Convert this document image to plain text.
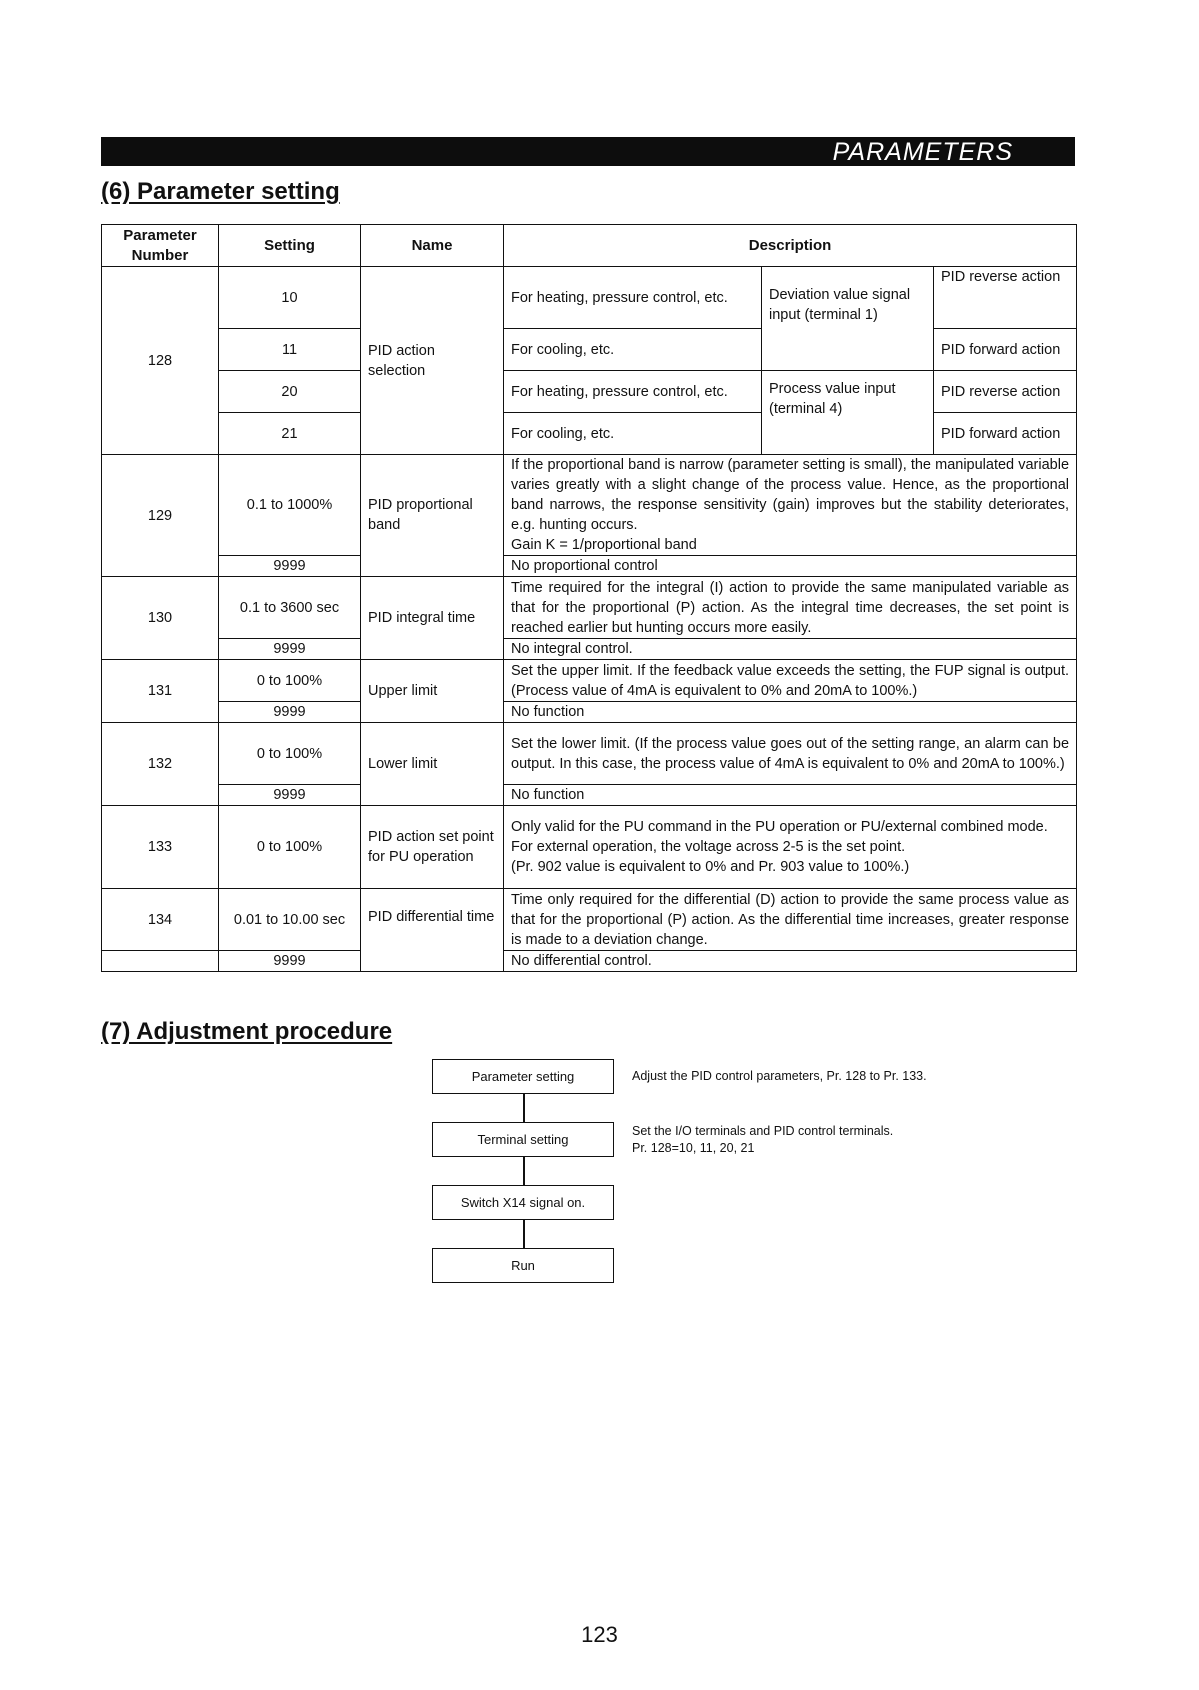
PARAMETERS
(6) Parameter setting
Parameter Number	Setting	Name	Description		
128	10	PID action selection	For heating, pressure control, etc.	Deviation value signal input (terminal 1)	PID reverse action
	11		For cooling, etc.		PID forward action
	20		For heating, pressure control, etc.	Process value input (terminal 4)	PID reverse action
	21		For cooling, etc.		PID forward action
129	0.1 to 1000%	PID proportional band	If the proportional band is narrow (parameter setting is small), the manipulated variable varies greatly with a slight change of the process value. Hence, as the proportional band narrows, the response sensitivity (gain) improves but the stability deteriorates, e.g. hunting occurs.
Gain K = 1/proportional band		

	9999		No proportional control		
130	0.1 to 3600 sec	PID integral time	Time required for the integral (I) action to provide the same manipulated variable as that for the proportional (P) action. As the integral time decreases, the set point is reached earlier but hunting occurs more easily.		
	9999		No integral control.		
131	0 to 100%	Upper limit	Set the upper limit. If the feedback value exceeds the setting, the FUP signal is output. (Process value of 4mA is equivalent to 0% and 20mA to 100%.)		
	9999		No function		
132	0 to 100%	Lower limit	Set the lower limit. (If the process value goes out of the setting range, an alarm can be output. In this case, the process value of 4mA is equivalent to 0% and 20mA to 100%.)		
	9999		No function		
133	0 to 100%	PID action set point for PU operation	Only valid for the PU command in the PU operation or PU/external combined mode.
For external operation, the voltage across 2-5 is the set point.
(Pr. 902 value is equivalent to 0% and Pr. 903 value to 100%.)		

134	0.01 to 10.00 sec	PID differential time	Time only required for the differential (D) action to provide the same process value as that for the proportional (P) action. As the differential time increases, greater response is made to a deviation change.		
	9999		No differential control.		
(7) Adjustment procedure
Parameter setting
Terminal setting
Switch X14 signal on.
Run
Adjust the PID control parameters, Pr. 128 to Pr. 133.
Set the I/O terminals and PID control terminals.
Pr. 128=10, 11, 20, 21
123
